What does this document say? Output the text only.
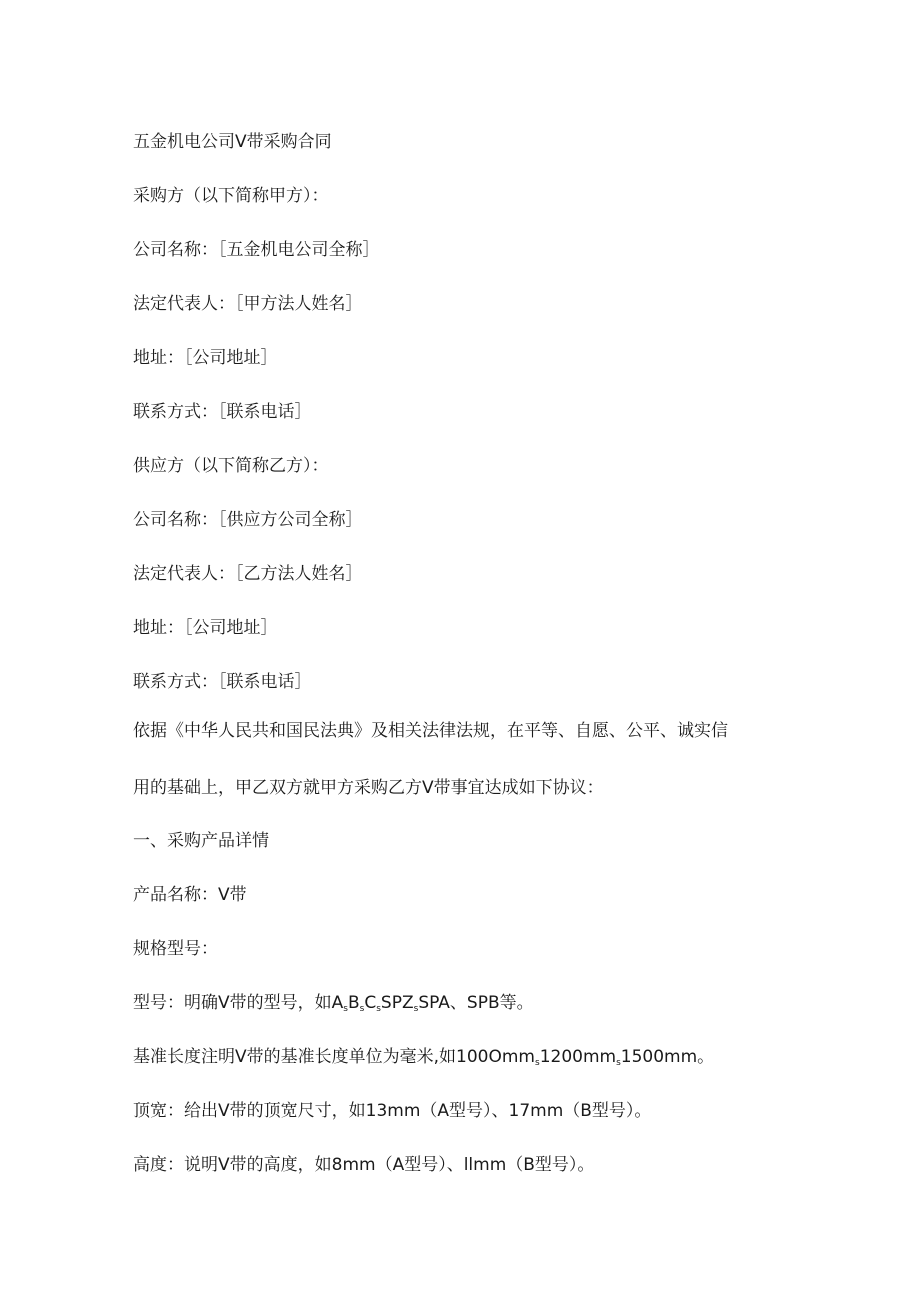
五金机电公司V带采购合同
采购方（以下简称甲方）：
公司名称：［五金机电公司全称］
法定代表人：［甲方法人姓名］
地址：［公司地址］
联系方式：［联系电话］
供应方（以下简称乙方）：
公司名称：［供应方公司全称］
法定代表人：［乙方法人姓名］
地址：［公司地址］
联系方式：［联系电话］
依据《中华人民共和国民法典》及相关法律法规，在平等、自愿、公平、诚实信
用的基础上，甲乙双方就甲方采购乙方V带事宜达成如下协议：
一、采购产品详情
产品名称：V带
规格型号：
型号：明确V带的型号，如$A_sB_sC_sSPZ_sSPA$、SPB等。
基准长度注明V带的基准长度单位为毫米,如$100Omm_s1200mm_s1500mm$。
顶宽：给出V带的顶宽尺寸，如13mm（A型号）、17mm（B型号）。
高度：说明V带的高度，如8mm（A型号）、llmm（B型号）。
